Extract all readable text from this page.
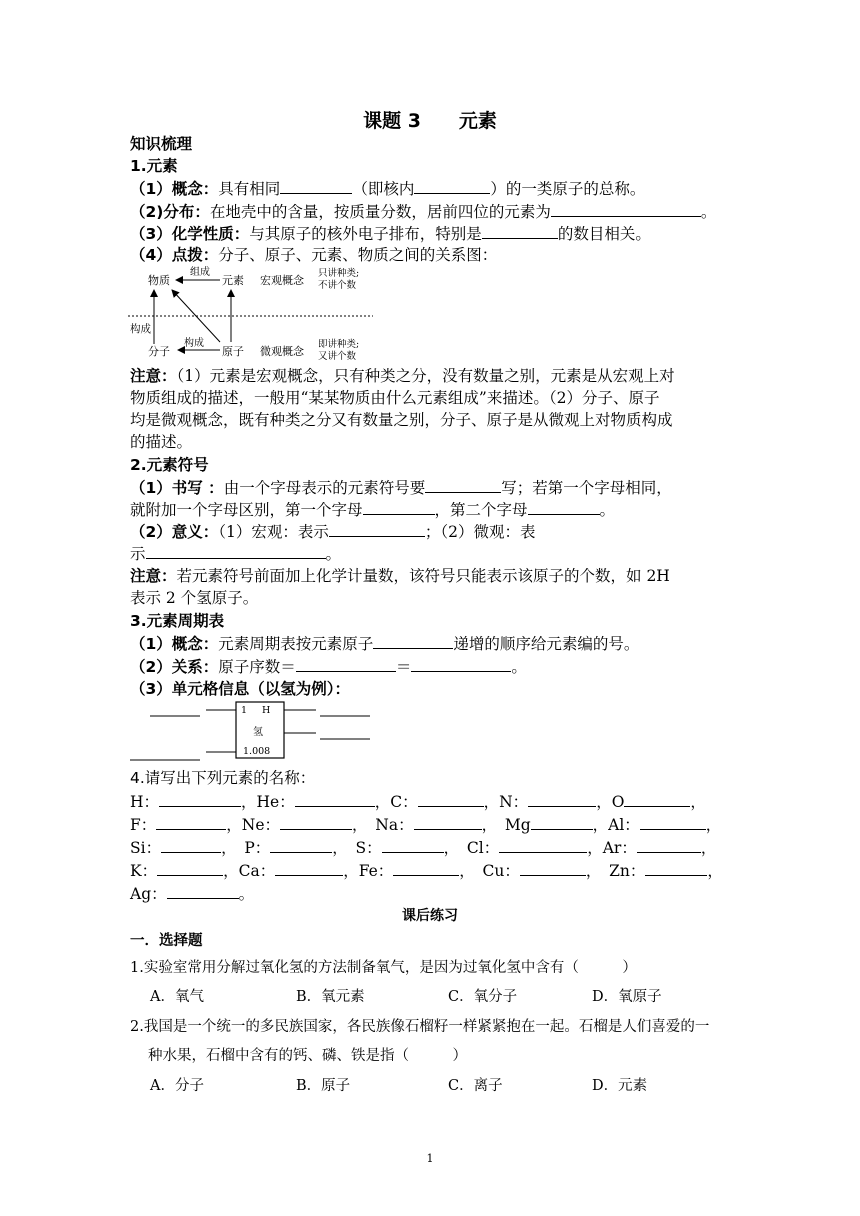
课题 3　　元素
知识梳理
1.元素
（1）概念：具有相同	（即核内	）的一类原子的总称。
（2)分布：在地壳中的含量，按质量分数，居前四位的元素为	。
（3）化学性质：与其原子的核外电子排布，特别是	的数目相关。
（4）点拨：分子、原子、元素、物质之间的关系图：
物质
组成
元素 宏观概念
只讲种类;
不讲个数
构成
分子
构成
原子 微观概念
即讲种类;
又讲个数
注意：（1）元素是宏观概念，只有种类之分，没有数量之别，元素是从宏观上对
物质组成的描述，一般用“某某物质由什么元素组成”来描述。（2）分子、原子
均是微观概念，既有种类之分又有数量之别，分子、原子是从微观上对物质构成
的描述。
2.元素符号
（1）书写 ：由一个字母表示的元素符号要	写；若第一个字母相同，
就附加一个字母区别，第一个字母	，第二个字母	。
（2）意义：（1）宏观：表示	；（2）微观：表
示	。
注意：若元素符号前面加上化学计量数，该符号只能表示该原子的个数，如 2H
表示 2 个氢原子。
3.元素周期表
（1）概念：元素周期表按元素原子	递增的顺序给元素编的号。
（2）关系：原子序数＝	＝	。
（3）单元格信息（以氢为例）：
1 H
氢
1.008
4.请写出下列元素的名称：
H：	，He：	，C：	，N：	，O	，
F：	，Ne：	，　Na：	，　Mg	，Al：	，
Si：	，　P：	，　S：	，　Cl：	，Ar：	，
K：	，Ca：	，Fe：	，　Cu：	，　Zn：	，
Ag：	。
课后练习
一．选择题
1.实验室常用分解过氧化氢的方法制备氧气，是因为过氧化氢中含有（　　　）
A．氧气	B．氧元素	C．氧分子	D．氧原子
2.我国是一个统一的多民族国家，各民族像石榴籽一样紧紧抱在一起。石榴是人们喜爱的一
种水果，石榴中含有的钙、磷、铁是指（　　　）
A．分子	B．原子	C．离子	D．元素
1
